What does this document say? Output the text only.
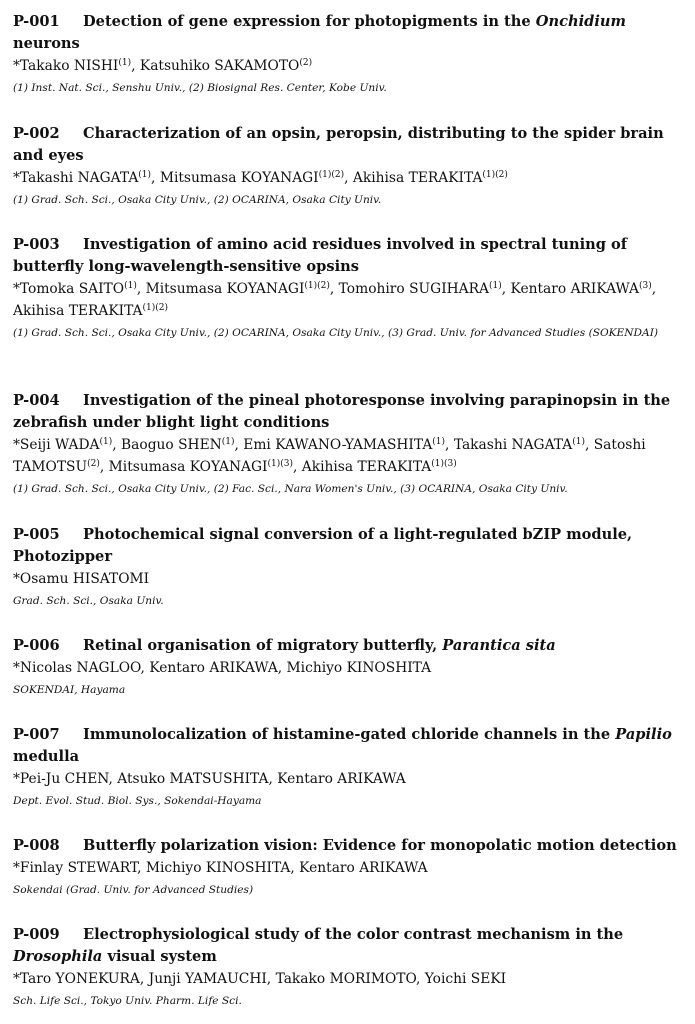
P-001 Detection of gene expression for photopigments in the Onchidium neurons

*Takako NISHI$^{(1)}$, Katsuhiko SAKAMOTO$^{(2)}$

(1) Inst. Nat. Sci., Senshu Univ., (2) Biosignal Res. Center, Kobe Univ.

P-002 Characterization of an opsin, peropsin, distributing to the spider brain and eyes

*Takashi NAGATA$^{(1)}$, Mitsumasa $KOYANAGI^{(1)(2)}$, Akihisa $TERAKITA^{(1)(2)}$

(1) Grad. Sch. Sci., Osaka City Univ., (2) OCARINA, Osaka City Univ.

P-003 Investigation of amino acid residues involved in spectral tuning of butterfly long-wavelength-sensitive opsins

*Tomoka SAITO$^{(1)}$, Mitsumasa $KOYANAGI^{(1)(2)}$, Tomohiro SUGIHARA$^{(1)}$, Kentaro ARIKAWA$^{(3)}$, Akihisa $TERAKITA^{(1)(2)}$

(1) Grad. Sch. Sci., Osaka City Univ., (2) OCARINA, Osaka City Univ., (3) Grad. Univ. for Advanced Studies (SOKENDAI)

P-004 Investigation of the pineal photoresponse involving parapinopsin in the zebrafish under blight light conditions

*Seiji WADA$^{(1)}$, Baoguo SHEN$^{(1)}$, Emi KAWANO-YAMASHITA$^{(1)}$, Takashi NAGATA$^{(1)}$, Satoshi TAMOTSU$^{(2)}$, Mitsumasa $KOYANAGI^{(1)(3)}$, Akihisa $TERAKITA^{(1)(3)}$

(1) Grad. Sch. Sci., Osaka City Univ., (2) Fac. Sci., Nara Women's Univ., (3) OCARINA, Osaka City Univ.

P-005 Photochemical signal conversion of a light-regulated bZIP module, Photozipper

*Osamu HISATOMI

Grad. Sch. Sci., Osaka Univ.

P-006 Retinal organisation of migratory butterfly, Parantica sita

*Nicolas NAGLOO, Kentaro ARIKAWA, Michiyo KINOSHITA

SOKENDAI, Hayama

P-007 Immunolocalization of histamine-gated chloride channels in the Papilio medulla

*Pei-Ju CHEN, Atsuko MATSUSHITA, Kentaro ARIKAWA

Dept. Evol. Stud. Biol. Sys., Sokendai-Hayama

P-008 Butterfly polarization vision: Evidence for monopolatic motion detection

*Finlay STEWART, Michiyo KINOSHITA, Kentaro ARIKAWA

Sokendai (Grad. Univ. for Advanced Studies)

P-009 Electrophysiological study of the color contrast mechanism in the Drosophila visual system

*Taro YONEKURA, Junji YAMAUCHI, Takako MORIMOTO, Yoichi SEKI

Sch. Life Sci., Tokyo Univ. Pharm. Life Sci.
